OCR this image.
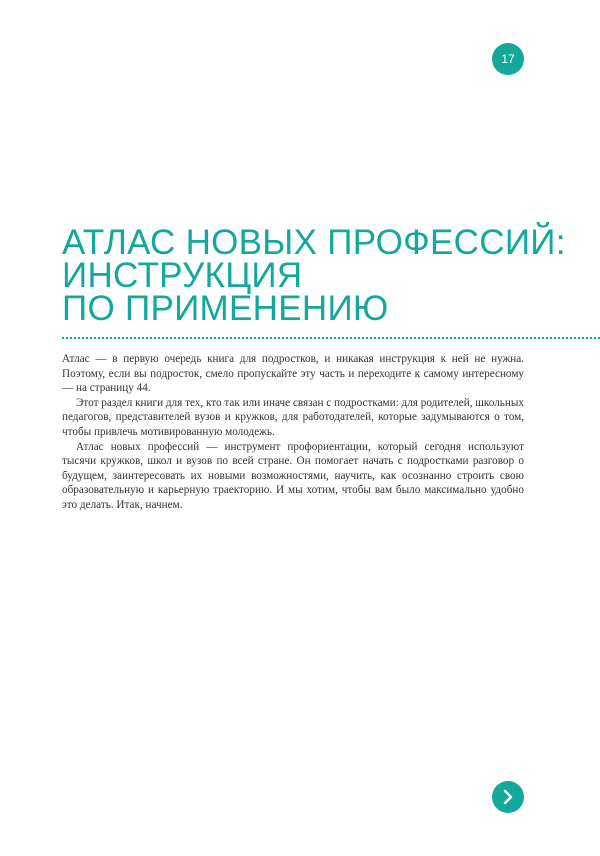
17
АТЛАС НОВЫХ ПРОФЕССИЙ:
ИНСТРУКЦИЯ
ПО ПРИМЕНЕНИЮ

Атлас — в первую очередь книга для подростков, и никакая инструкция к ней не нужна. Поэтому, если вы подросток, смело пропускайте эту часть и переходите к самому интересному — на страницу 44.

Этот раздел книги для тех, кто так или иначе связан с подростками: для родителей, школьных педагогов, представителей вузов и кружков, для работодателей, которые задумываются о том, чтобы привлечь мотивированную молодежь.

Атлас новых профессий — инструмент профориентации, который сегодня используют тысячи кружков, школ и вузов по всей стране. Он помогает начать с подростками разговор о будущем, заинтересовать их новыми возможностями, научить, как осознанно строить свою образовательную и карьерную траекторию. И мы хотим, чтобы вам было максимально удобно это делать. Итак, начнем.
